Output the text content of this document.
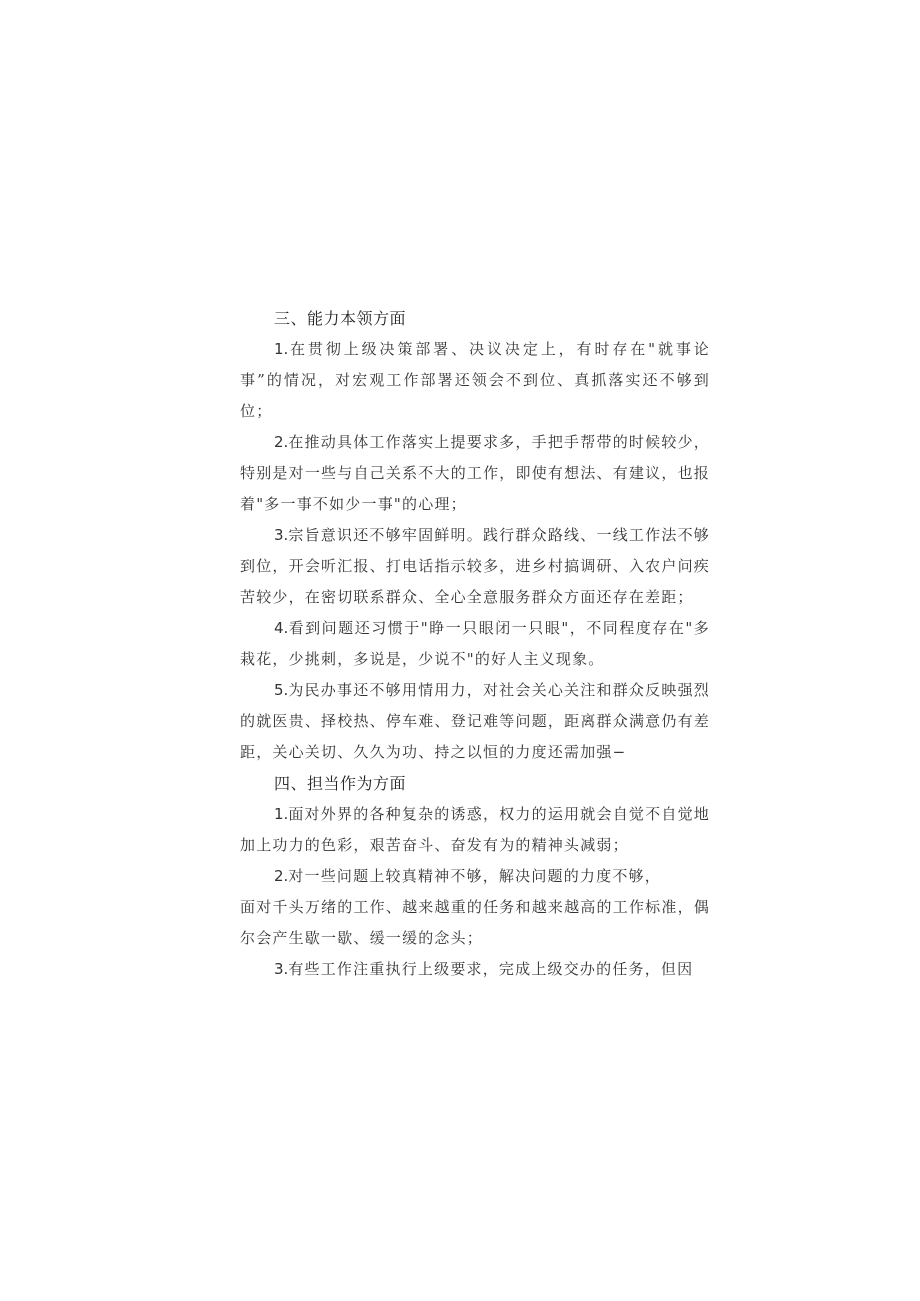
三、能力本领方面

1.在贯彻上级决策部署、决议决定上，有时存在"就事论事”的情况，对宏观工作部署还领会不到位、真抓落实还不够到位；

2.在推动具体工作落实上提要求多，手把手帮带的时候较少，特别是对一些与自己关系不大的工作，即使有想法、有建议，也报着"多一事不如少一事"的心理；

3.宗旨意识还不够牢固鲜明。践行群众路线、一线工作法不够到位，开会听汇报、打电话指示较多，进乡村搞调研、入农户问疾苦较少，在密切联系群众、全心全意服务群众方面还存在差距；

4.看到问题还习惯于"睁一只眼闭一只眼"，不同程度存在"多栽花，少挑刺，多说是，少说不"的好人主义现象。

5.为民办事还不够用情用力，对社会关心关注和群众反映强烈的就医贵、择校热、停车难、登记难等问题，距离群众满意仍有差距，关心关切、久久为功、持之以恒的力度还需加强−

四、担当作为方面

1.面对外界的各种复杂的诱惑，权力的运用就会自觉不自觉地加上功力的色彩，艰苦奋斗、奋发有为的精神头减弱；

2.对一些问题上较真精神不够，解决问题的力度不够，
面对千头万绪的工作、越来越重的任务和越来越高的工作标准，偶尔会产生歇一歇、缓一缓的念头；

3.有些工作注重执行上级要求，完成上级交办的任务，但因
